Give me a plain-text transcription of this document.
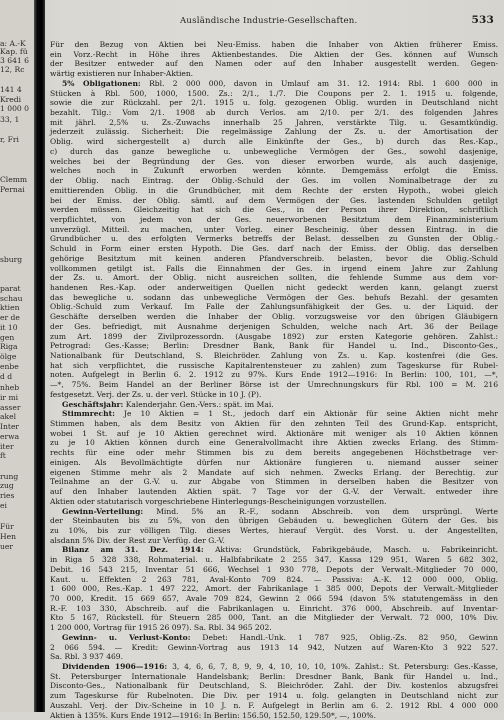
a: A.-K
Kap. fü
3 641 6
12, Rc
141 4
Kredi
1 000 0
33, 1
r, Fri
Clemm
Pernai
sburg
parat
schau
ktien
er de
it 10
gen
Riga
ölge
enbe
d d
nheb
ir mi
asser
akel
Inter
erwa
iter
ft
rung
zug
ries
ei
Für
Hen
uer
Ausländische Industrie-Gesellschaften.	533
Für den Bezug von Aktien bei Neu-Emiss. haben die Inhaber von Aktien früherer Emiss.
ein Vorz.-Recht in Höhe ihres Aktienbestandes. Die Aktien der Ges. können auf Wunsch
der Besitzer entweder auf den Namen oder auf den Inhaber ausgestellt werden. Gegen-
wärtig existieren nur Inhaber-Aktien.
5% Obligationen: Rbl. 2 000 000, davon in Umlauf am 31. 12. 1914: Rbl. 1 600 000 in
Stücken à Rbl. 500, 1000, 1500. Zs.: 2/1., 1./7. Die Coupons per 2. 1. 1915 u. folgende,
sowie die zur Rückzahl. per 2/1. 1915 u. folg. gezogenen Oblig. wurden in Deutschland nicht
bezahlt. Tilg.: Vom 2/1. 1908 ab durch Verlos. am 2/10. per 2/1. des folgenden Jahres
mit jährl. 2,5% u. Zs.-Zuwachs innerhalb 25 Jahren, verstärkte Tilg. u. Gesamtkündig.
jederzeit zulässig. Sicherheit: Die regelmässige Zahlung der Zs. u. der Amortisation der
Oblig. wird sichergestellt a) durch alle Einkünfte der Ges., b) durch das Res.-Kap.,
c) durch das ganze bewegliche u. unbewegliche Vermögen der Ges., sowohl dasjenige,
welches bei der Begründung der Ges. von dieser erworben wurde, als auch dasjenige,
welches noch in Zukunft erworben werden könnte. Demgemäss erfolgt die Emiss.
der Oblig. nach Eintrag. der Oblig.-Schuld der Ges. im vollen Nominalbetrage der zu
emittierenden Oblig. in die Grundbücher, mit dem Rechte der ersten Hypoth., wobei gleich
bei der Emiss. der Oblig. sämtl. auf dem Vermögen der Ges. lastenden Schulden getilgt
werden müssen. Gleichzeitig hat sich die Ges., in der Person ihrer Direktion, schriftlich
verpflichtet, von jedem von der Ges. neuerworbenen Besitztum dem Finanzministerium
unverzügl. Mitteil. zu machen, unter Vorleg. einer Bescheinig. über dessen Eintrag. in die
Grundbücher u. des erfolgten Vermerks betreffs der Belast. desselben zu Gunsten der Oblig.-
Schuld in Form einer ersten Hypoth. Die Ges. darf nach der Emiss. der Oblig. das derselben
gehörige Besitztum mit keinen anderen Pfandverschreib. belasten, bevor die Oblig.-Schuld
vollkommen getilgt ist. Falls die Einnahmen der Ges. in irgend einem Jahre zur Zahlung
der Zs. u. Amort. der Oblig. nicht ausreichen sollten, die fehlende Summe aus dem vor-
handenen Res.-Kap. oder anderweitigen Quellen nicht gedeckt werden kann, gelangt zuerst
das bewegliche u. sodann das unbewegliche Vermögen der Ges. behufs Bezahl. der gesamten
Oblig.-Schuld zum Verkauf. Im Falle der Zahlungsunfähigkeit der Ges. u. der Liquid. der
Geschäfte derselben werden die Inhaber der Oblig. vorzugsweise vor den übrigen Gläubigern
der Ges. befriedigt, mit Ausnahme derjenigen Schulden, welche nach Art. 36 der Beilage
zum Art. 1899 der Zivilprozessordn. (Ausgabe 1892) zur ersten Kategorie gehören. Zahlst.:
Petrograd: Ges.-Kasse; Berlin: Dresdner Bank, Bank für Handel u. Ind., Disconto-Ges.,
Nationalbank für Deutschland, S. Bleichröder. Zahlung von Zs. u. Kap. kostenfrei (die Ges.
hat sich verpflichtet, die russische Kapitalrentensteuer zu zahlen) zum Tageskurse für Rubel-
noten. Aufgelegt in Berlin 6. 2. 1912 zu 97%. Kurs Ende 1912—1916: In Berlin: 100, 101, —*,
—*, 75%. Beim Handel an der Berliner Börse ist der Umrechnungskurs für Rbl. 100 = M. 216
festgesetzt. Verj. der Zs. u. der verl. Stücke in 10 J. (P).
Geschäftsjahr: Kalenderjahr. Gen.-Vers.: spät. im Mai.
Stimmrecht: Je 10 Aktien = 1 St., jedoch darf ein Aktionär für seine Aktien nicht mehr
Stimmen haben, als dem Besitz von Aktien für den zehnten Teil des Grund-Kap. entspricht,
wobei 1 St. auf je 10 Aktien gerechnet wird. Aktionäre mit weniger als 10 Aktien können
zu je 10 Aktien können durch eine Generalvollmacht ihre Aktien zwecks Erlang. des Stimm-
rechts für eine oder mehr Stimmen bis zu dem bereits angegebenen Höchstbetrage ver-
einigen. Als Bevollmächtigte dürfen nur Aktionäre fungieren u. niemand ausser seiner
eigenen Stimme mehr als 2 Mandate auf sich nehmen. Zwecks Erlang. der Berechtig. zur
Teilnahme an der G.-V. u. zur Abgabe von Stimmen in derselben haben die Besitzer von
auf den Inhaber lautenden Aktien spät. 7 Tage vor der G.-V. der Verwalt. entweder ihre
Aktien oder statutarisch vorgeschriebene Hinterlegungs-Bescheinigungen vorzustellen.
Gewinn-Verteilung: Mind. 5% an R.-F., sodann Abschreib. von dem ursprüngl. Werte
der Steinbauten bis zu 5%, von den übrigen Gebäuden u. beweglichen Gütern der Ges. bis
zu 10%, bis zur völligen Tilg. dieses Wertes, hierauf Vergüt. des Vorst. u. der Angestellten,
alsdann 5% Div. der Rest zur Verfüg. der G.-V.
Bilanz am 31. Dez. 1914: Aktiva: Grundstück, Fabrikgebäude, Masch. u. Fabrikeinricht.
in Riga 5 328 338, Rohmaterial. u. Halbfabrikate 2 255 347, Kassa 129 951, Waren 5 682 302,
Debit. 16 543 215, Inventar 51 666, Wechsel 1 930 778, Depots der Verwalt.-Mitglieder 70 000,
Kaut. u. Effekten 2 263 781, Aval-Konto 709 824. — Passiva: A.-K. 12 000 000, Oblig.
1 600 000, Res.-Kap. 1 497 222, Amort. der Fabrikanlage 1 385 000, Depots der Verwalt.-Mitglieder
70 000, Kredit. 15 669 657, Avale 709 824, Gewinn 2 066 594 (davon 5% statutengemäss in den
R.-F. 103 330, Abschreib. auf die Fabrikanlagen u. Einricht. 376 000, Abschreib. auf Inventar-
Kto 5 167, Rückstell. für Steuern 285 000, Tant. an die Mitglieder der Verwalt. 72 000, 10% Div.
1 200 000, Vortrag für 1915 26 097). Sa. Rbl. 34 965 202.
Gewinn- u. Verlust-Konto: Debet: Handl.-Unk. 1 787 925, Oblig.-Zs. 82 950, Gewinn
2 066 594. — Kredit: Gewinn-Vortrag aus 1913 14 942, Nutzen auf Waren-Kto 3 922 527.
Sa. Rbl. 3 937 469.
Dividenden 1906—1916: 3, 4, 6, 6, 7, 8, 9, 9, 4, 10, 10, 10, 10%. Zahlst.: St. Petersburg: Ges.-Kasse,
St. Petersburger Internationale Handelsbank; Berlin: Dresdner Bank, Bank für Handel u. Ind.,
Disconto-Ges., Nationalbank für Deutschland, S. Bleichröder. Zahl. der Div. kostenlos abzugsfrei
zum Tageskurse für Rubelnoten. Die Div. per 1914 u. folg. gelangten in Deutschland nicht zur
Auszahl. Verj. der Div.-Scheine in 10 J. n. F. Aufgelegt in Berlin am 6. 2. 1912 Rbl. 4 000 000
Aktien à 135%. Kurs Ende 1912—1916: In Berlin: 156.50, 152.50, 129.50*, —, 100%.
